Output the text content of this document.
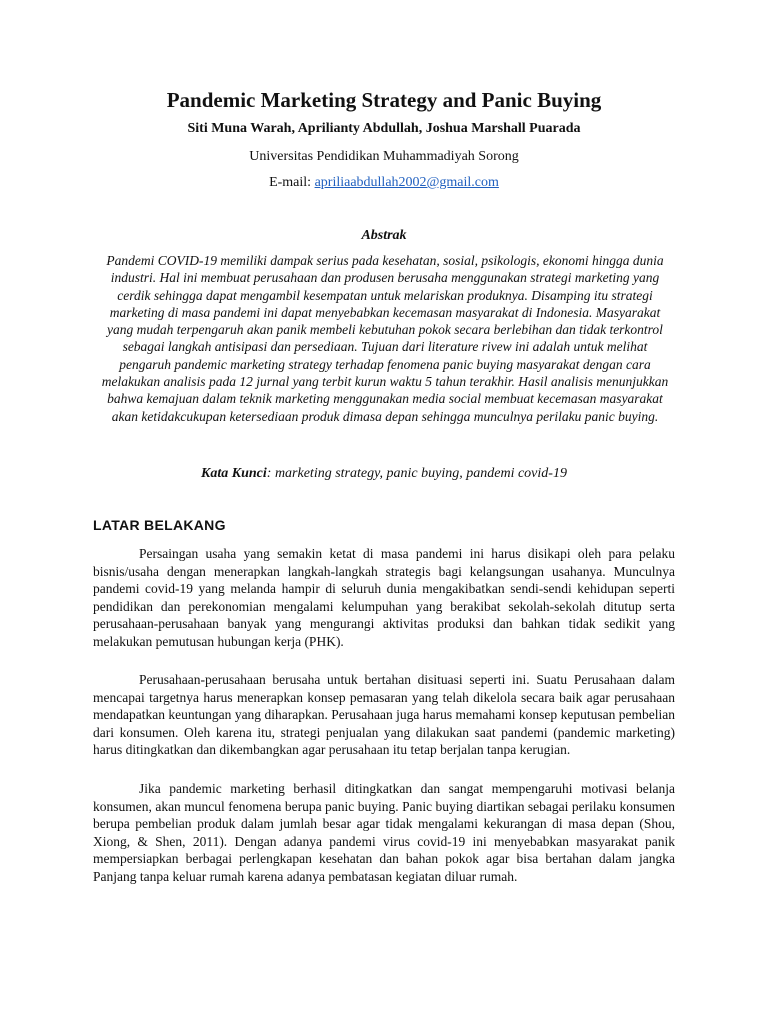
Pandemic Marketing Strategy and Panic Buying

Siti Muna Warah, Aprilianty Abdullah, Joshua Marshall Puarada

Universitas Pendidikan Muhammadiyah Sorong

E-mail: apriliaabdullah2002@gmail.com

Abstrak

Pandemi COVID-19 memiliki dampak serius pada kesehatan, sosial, psikologis, ekonomi hingga dunia industri. Hal ini membuat perusahaan dan produsen berusaha menggunakan strategi marketing yang cerdik sehingga dapat mengambil kesempatan untuk melariskan produknya. Disamping itu strategi marketing di masa pandemi ini dapat menyebabkan kecemasan masyarakat di Indonesia. Masyarakat yang mudah terpengaruh akan panik membeli kebutuhan pokok secara berlebihan dan tidak terkontrol sebagai langkah antisipasi dan persediaan. Tujuan dari literature rivew ini adalah untuk melihat pengaruh pandemic marketing strategy terhadap fenomena panic buying masyarakat dengan cara melakukan analisis pada 12 jurnal yang terbit kurun waktu 5 tahun terakhir. Hasil analisis menunjukkan bahwa kemajuan dalam teknik marketing menggunakan media social membuat kecemasan masyarakat akan ketidakcukupan ketersediaan produk dimasa depan sehingga munculnya perilaku panic buying.

Kata Kunci: marketing strategy, panic buying, pandemi covid-19

LATAR BELAKANG

Persaingan usaha yang semakin ketat di masa pandemi ini harus disikapi oleh para pelaku bisnis/usaha dengan menerapkan langkah-langkah strategis bagi kelangsungan usahanya. Munculnya pandemi covid-19 yang melanda hampir di seluruh dunia mengakibatkan sendi-sendi kehidupan seperti pendidikan dan perekonomian mengalami kelumpuhan yang berakibat sekolah-sekolah ditutup serta perusahaan-perusahaan banyak yang mengurangi aktivitas produksi dan bahkan tidak sedikit yang melakukan pemutusan hubungan kerja (PHK).

Perusahaan-perusahaan berusaha untuk bertahan disituasi seperti ini. Suatu Perusahaan dalam mencapai targetnya harus menerapkan konsep pemasaran yang telah dikelola secara baik agar perusahaan mendapatkan keuntungan yang diharapkan. Perusahaan juga harus memahami konsep keputusan pembelian dari konsumen. Oleh karena itu, strategi penjualan yang dilakukan saat pandemi (pandemic marketing) harus ditingkatkan dan dikembangkan agar perusahaan itu tetap berjalan tanpa kerugian.

Jika pandemic marketing berhasil ditingkatkan dan sangat mempengaruhi motivasi belanja konsumen, akan muncul fenomena berupa panic buying. Panic buying diartikan sebagai perilaku konsumen berupa pembelian produk dalam jumlah besar agar tidak mengalami kekurangan di masa depan (Shou, Xiong, & Shen, 2011). Dengan adanya pandemi virus covid-19 ini menyebabkan masyarakat panik mempersiapkan berbagai perlengkapan kesehatan dan bahan pokok agar bisa bertahan dalam jangka Panjang tanpa keluar rumah karena adanya pembatasan kegiatan diluar rumah.
